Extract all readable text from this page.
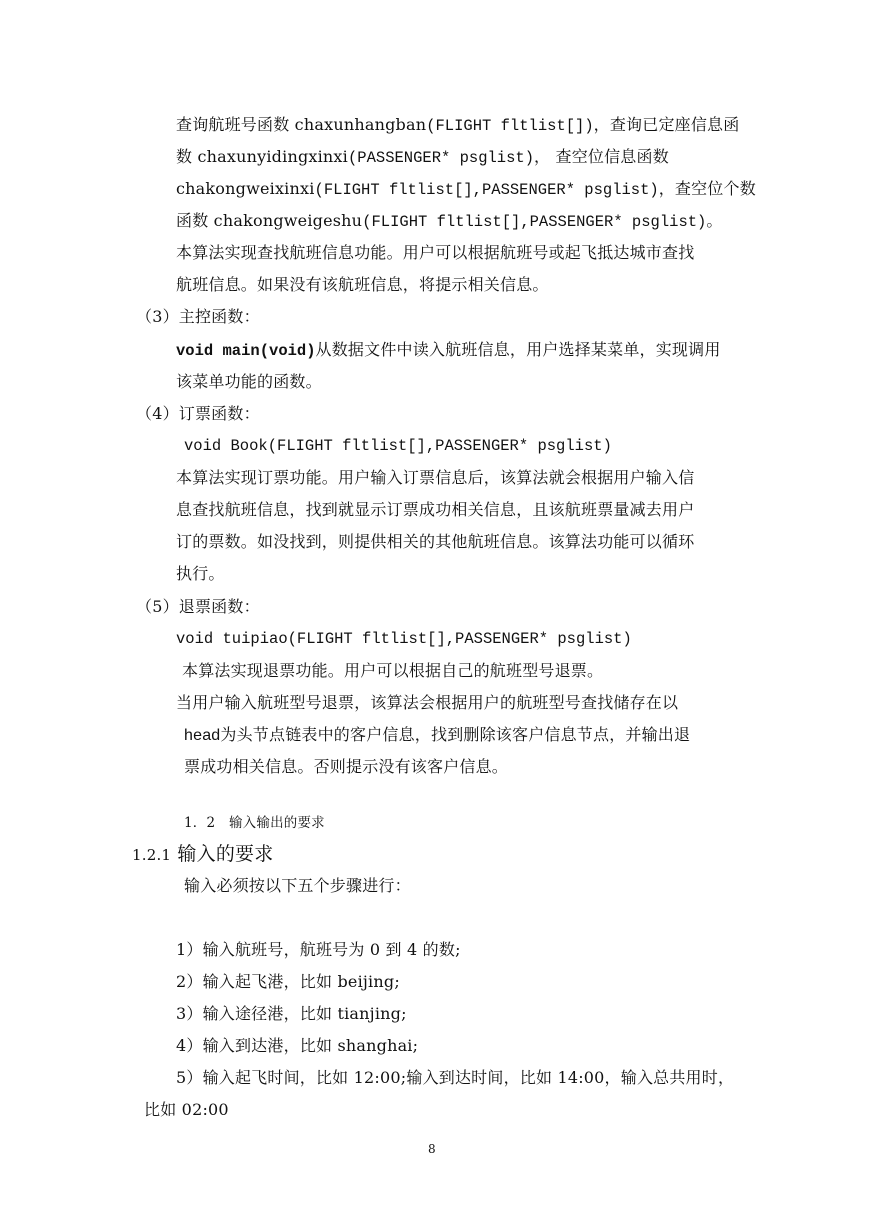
查询航班号函数 chaxunhangban(FLIGHT fltlist[])，查询已定座信息函
数 chaxunyidingxinxi(PASSENGER* psglist)， 查空位信息函数
chakongweixinxi(FLIGHT fltlist[],PASSENGER* psglist)，查空位个数
函数 chakongweigeshu(FLIGHT fltlist[],PASSENGER* psglist)。
本算法实现查找航班信息功能。用户可以根据航班号或起飞抵达城市查找
航班信息。如果没有该航班信息，将提示相关信息。
（3）主控函数：
void main(void)从数据文件中读入航班信息，用户选择某菜单，实现调用
该菜单功能的函数。
（4）订票函数：
void Book(FLIGHT fltlist[],PASSENGER* psglist)
本算法实现订票功能。用户输入订票信息后，该算法就会根据用户输入信
息查找航班信息，找到就显示订票成功相关信息，且该航班票量减去用户
订的票数。如没找到，则提供相关的其他航班信息。该算法功能可以循环
执行。
（5）退票函数：
void tuipiao(FLIGHT fltlist[],PASSENGER* psglist)
本算法实现退票功能。用户可以根据自己的航班型号退票。
当用户输入航班型号退票，该算法会根据用户的航班型号查找储存在以
head为头节点链表中的客户信息，找到删除该客户信息节点，并输出退
票成功相关信息。否则提示没有该客户信息。
1．2　输入输出的要求
1.2.1 输入的要求
输入必须按以下五个步骤进行：
1）输入航班号，航班号为 0 到 4 的数;
2）输入起飞港，比如 beijing;
3）输入途径港，比如 tianjing;
4）输入到达港，比如 shanghai;
5）输入起飞时间，比如 12:00;输入到达时间，比如 14:00，输入总共用时，
比如 02:00
8
